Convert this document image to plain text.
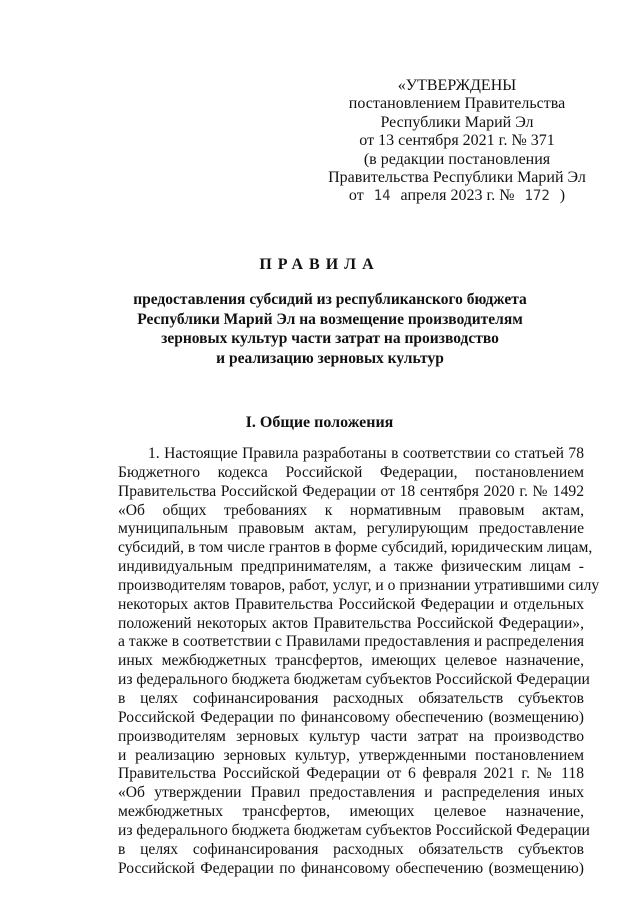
«УТВЕРЖДЕНЫ
постановлением Правительства
Республики Марий Эл
от 13 сентября 2021 г. № 371
(в редакции постановления
Правительства Республики Марий Эл
от 14 апреля 2023 г. № 172 )
ПРАВИЛА
предоставления субсидий из республиканского бюджета
Республики Марий Эл на возмещение производителям
зерновых культур части затрат на производство
и реализацию зерновых культур
I. Общие положения
1. Настоящие Правила разработаны в соответствии со статьей 78
Бюджетного кодекса Российской Федерации, постановлением
Правительства Российской Федерации от 18 сентября 2020 г. № 1492
«Об общих требованиях к нормативным правовым актам,
муниципальным правовым актам, регулирующим предоставление
субсидий, в том числе грантов в форме субсидий, юридическим лицам,
индивидуальным предпринимателям, а также физическим лицам -
производителям товаров, работ, услуг, и о признании утратившими силу
некоторых актов Правительства Российской Федерации и отдельных
положений некоторых актов Правительства Российской Федерации»,
а также в соответствии с Правилами предоставления и распределения
иных межбюджетных трансфертов, имеющих целевое назначение,
из федерального бюджета бюджетам субъектов Российской Федерации
в целях софинансирования расходных обязательств субъектов
Российской Федерации по финансовому обеспечению (возмещению)
производителям зерновых культур части затрат на производство
и реализацию зерновых культур, утвержденными постановлением
Правительства Российской Федерации от 6 февраля 2021 г. № 118
«Об утверждении Правил предоставления и распределения иных
межбюджетных трансфертов, имеющих целевое назначение,
из федерального бюджета бюджетам субъектов Российской Федерации
в целях софинансирования расходных обязательств субъектов
Российской Федерации по финансовому обеспечению (возмещению)
